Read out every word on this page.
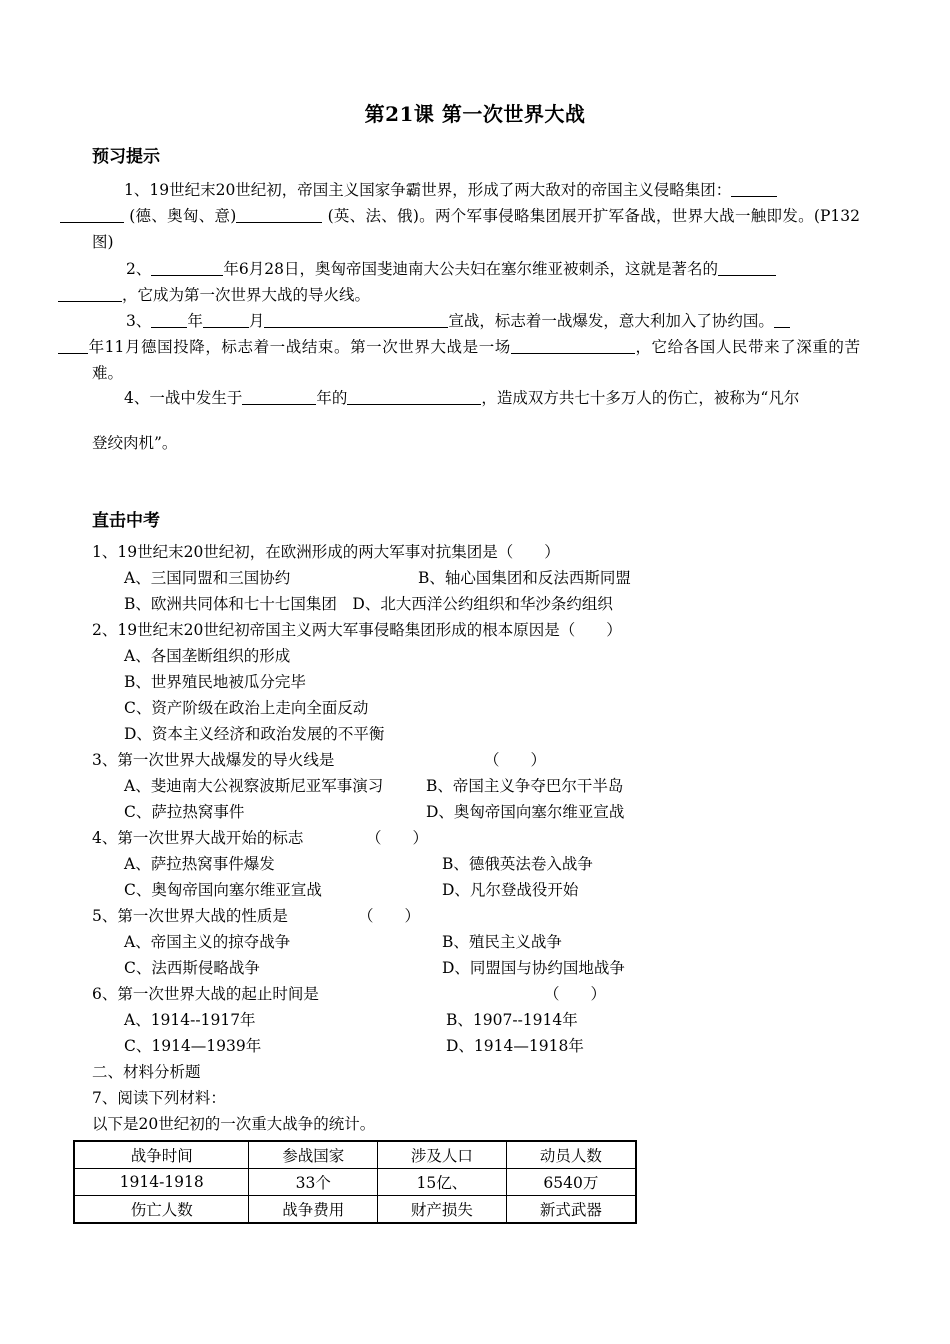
第21课 第一次世界大战
预习提示
1、19世纪末20世纪初，帝国主义国家争霸世界，形成了两大敌对的帝国主义侵略集团：
(德、奥匈、意)	(英、法、俄)。两个军事侵略集团展开扩军备战，世界大战一触即发。(P132图)
2、	年6月28日，奥匈帝国斐迪南大公夫妇在塞尔维亚被刺杀，这就是著名的
，它成为第一次世界大战的导火线。
3、 年	月	宣战，标志着一战爆发，意大利加入了协约国。
年11月德国投降，标志着一战结束。第一次世界大战是一场	，它给各国人民带来了深重的苦难。
4、一战中发生于	年的	，造成双方共七十多万人的伤亡，被称为“凡尔
登绞肉机”。
直击中考
1、19世纪末20世纪初，在欧洲形成的两大军事对抗集团是（　　）
A、三国同盟和三国协约	B、轴心国集团和反法西斯同盟
B、欧洲共同体和七十七国集团　D、北大西洋公约组织和华沙条约组织
2、19世纪末20世纪初帝国主义两大军事侵略集团形成的根本原因是（　　）
A、各国垄断组织的形成
B、世界殖民地被瓜分完毕
C、资产阶级在政治上走向全面反动
D、资本主义经济和政治发展的不平衡
3、第一次世界大战爆发的导火线是	（　　）
A、斐迪南大公视察波斯尼亚军事演习	B、帝国主义争夺巴尔干半岛
C、萨拉热窝事件	D、奥匈帝国向塞尔维亚宣战
4、第一次世界大战开始的标志	（　　）
A、萨拉热窝事件爆发	B、德俄英法卷入战争
C、奥匈帝国向塞尔维亚宣战	D、凡尔登战役开始
5、第一次世界大战的性质是	（　　）
A、帝国主义的掠夺战争	B、殖民主义战争
C、法西斯侵略战争	D、同盟国与协约国地战争
6、第一次世界大战的起止时间是	（　　）
A、1914--1917年	B、1907--1914年
C、1914—1939年	D、1914—1918年
二、材料分析题
7、阅读下列材料：
以下是20世纪初的一次重大战争的统计。
战争时间	参战国家	涉及人口	动员人数
1914-1918	33个	15亿、	6540万
伤亡人数	战争费用	财产损失	新式武器
